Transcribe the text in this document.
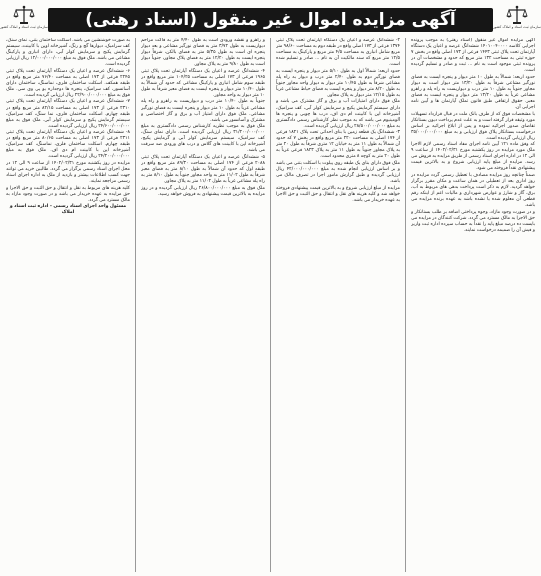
سازمان ثبت اسناد و املاک کشور
آگهی مزایده اموال غیر منقول (اسناد رهنی)
سازمان ثبت اسناد و املاک کشور

آگهی مزایده اموال غیر منقول (اسناد رهنی) به موجب پرونده اجرایی کلاسه ۱۴۰۱۰۰۴۰۰۰۰ ششدانگ عرصه و اعیان یک دستگاه آپارتمان تحت پلاک ثبتی ۱۴۴۳ فرعی از ۱۷۳ اصلی واقع در بخش ۷ حوزه ثبتی به مساحت ۱۳۲ متر مربع که حدود و مشخصات آن در پرونده ثبتی موجود است به نام ... ثبت و صادر و تسلیم گردیده است.

حدود اربعه: شمالاً به طول ۱۰ متر دیوار و پنجره ایست به فضای نورگیر مشاعی شرقاً به طول ۱۳/۲۰ متر دیوار است به دیوار مجاور جنوباً به طول ۱۰ متر درب و دیواریست به راه پله و راهرو مشاعی غرباً به طول ۱۳/۲۰ متر دیوار و پنجره ایست به فضای معبر. حقوق ارتفاقی طبق قانون تملک آپارتمان ها و آیین نامه اجرایی آن.

با مشخصات فوق که از طرف بانک ملت در قبال قرارداد تسهیلات مورد وثیقه قرار گرفته است و به علت عدم پرداخت دیون بستانکار تقاضای صدور اجرائیه نموده و پس از ابلاغ اجرائیه بر اساس درخواست بستانکار پلاک فوق ارزیابی و به مبلغ ۳۵/۰۰۰/۰۰۰/۰۰۰ ریال ارزیابی گردیده است.

که وفق ماده ۱۲۱ آیین نامه اجرای مفاد اسناد رسمی لازم الاجرا ملک مورد مزایده در روز یکشنبه مورخ ۱۴۰۲/۰۲/۳۱ از ساعت ۹ الی ۱۲ در اداره اجرای اسناد رسمی از طریق مزایده به فروش می رسد. مزایده از مبلغ پایه ارزیابی شروع و به بالاترین قیمت پیشنهادی نقداً فروخته می شود.

ضمناً چنانچه روز مزایده مصادف با تعطیل رسمی گردد مزایده در روز اداری بعد از تعطیلی در همان ساعت و مکان مقرر برگزار خواهد گردید. لازم به ذکر است پرداخت بدهی های مربوط به آب، برق، گاز و شارژ و عوارض شهرداری و مالیات اعم از اینکه رقم قطعی آن معلوم شده یا نشده باشد به عهده برنده مزایده می باشد.

و در صورت وجود مازاد، وجوه پرداختی اضافه بر طلب بستانکار و حق الاجرا به مالک مسترد می گردد. شرکت کنندگان در مزایده می بایست ده درصد مبلغ پایه را نقداً به حساب سپرده اداره ثبت واریز و فیش آن را ضمیمه درخواست نمایند.

۲- ششدانگ عرصه و اعیان یک دستگاه آپارتمان تحت پلاک ثبتی ۱۳۷۴ فرعی از ۱۷۳ اصلی واقع در طبقه دوم به مساحت ۹۸/۶۰ متر مربع شامل انباری به مساحت ۴/۵ متر مربع و پارکینگ به مساحت ۱۲/۵ متر مربع که سند مالکیت آن به نام ... صادر و تسلیم شده است.

حدود اربعه: شمالاً اول به طول ۵/۱۰ متر دیوار و پنجره ایست به فضای نورگیر دوم به طول ۲/۴۰ متر درب و دیوار به راه پله مشاعی شرقاً به طول ۱۰/۴۵ متر دیوار به دیوار واحد مجاور جنوباً به طول ۸/۲۰ متر دیوار و پنجره ایست به فضای حیاط مشاعی غرباً به طول ۱۲/۱۵ متر دیوار به پلاک مجاور.

ملک فوق دارای امتیازات آب و برق و گاز مشترک می باشد و دارای سیستم گرمایش پکیج و سرمایش کولر آبی، کف سرامیک، آشپزخانه اپن با کابینت ام دی اف، درب ها چوبی و پنجره ها آلومینیوم می باشد که به موجب نظر کارشناس رسمی دادگستری به مبلغ ۲۸/۵۰۰/۰۰۰/۰۰۰ ریال ارزیابی گردیده است.

۳- ششدانگ یک قطعه زمین با بنای احداثی تحت پلاک ۱۸۲۱ فرعی از ۱۷۴ اصلی به مساحت ۲۲۰ متر مربع واقع در بخش ۷ که حدود آن شمالاً به طول ۱۱ متر به خیابان ۱۲ متری شرقاً به طول ۲۰ متر به پلاک مجاور جنوباً به طول ۱۱ متر به پلاک ۱۸۲۳ فرعی غرباً به طول ۲۰ متر به کوچه ۸ متری محدود است.

ملک فوق دارای بنای یک طبقه روی پیلوت با اسکلت بتنی می باشد و بر اساس ارزیابی انجام شده به مبلغ ۴۲/۰۰۰/۰۰۰/۰۰۰ ریال ارزیابی گردیده و طبق گزارش مامور اجرا در تصرف مالک می باشد.

مزایده از مبلغ ارزیابی شروع و به بالاترین قیمت پیشنهادی فروخته خواهد شد و کلیه هزینه های نقل و انتقال و حق الثبت و حق الاجرا به عهده خریدار می باشد.

و راهرو و نقشه ورودی است به طول ۴/۴۰ متر به فاکت مزاحم دیواریست به طول ۳/۷۲ متر به فضای نورگیر مشاعی و بعد دیوار پنجره ای است به طول ۵/۳۵ متر به فضای بالکن، شرقاً دیوار پنجره ایست به طول ۱۲/۲۰ متر به فضای پلاک مجاور، جنوباً دیوار است به طول ۹/۸۰ متر به پلاک مجاور.

۴- ششدانگ عرصه و اعیان یک دستگاه آپارتمان تحت پلاک ثبتی ۱۹۶۵ فرعی از ۱۷۳ اصلی به مساحت ۱۰۴/۲۵ متر مربع واقع در طبقه سوم شامل انباری و پارکینگ مشاعی که حدود آن شمالاً به طول ۱۰/۴۰ متر دیوار و پنجره ایست به فضای معبر شرقاً به طول ۱۰ متر دیوار به واحد مجاور.

جنوباً به طول ۱۰/۴۰ متر درب و دیواریست به راهرو و راه پله مشاعی غرباً به طول ۱۰ متر دیوار و پنجره ایست به فضای نورگیر مشاعی. ملک فوق دارای امتیاز آب و برق و گاز اختصاصی و مشترک و آسانسور می باشد.

ملک فوق به موجب نظریه کارشناس رسمی دادگستری به مبلغ ۳۱/۲۰۰/۰۰۰/۰۰۰ ریال ارزیابی گردیده است. دارای نمای سنگ، کف سرامیک، سیستم سرمایش کولر آبی و گرمایش پکیج، آشپزخانه اپن با کابینت های گلاس و درب های ورودی ضد سرقت می باشد.

۵- ششدانگ عرصه و اعیان یک دستگاه آپارتمان تحت پلاک ثبتی ۲۰۸۸ فرعی از ۱۷۴ اصلی به مساحت ۸۹/۳۰ متر مربع واقع در طبقه اول که حدود آن شمالاً به طول ۸/۱۰ متر به فضای معبر شرقاً به طول ۱۱/۰۲ متر به واحد مجاور جنوباً به طول ۸/۱۰ متر به راه پله مشاعی غرباً به طول ۱۱/۰۲ متر به پلاک مجاور.

ملک فوق به مبلغ ۲۶/۸۰۰/۰۰۰/۰۰۰ ریال ارزیابی گردیده و در روز مزایده به بالاترین قیمت پیشنهادی به فروش خواهد رسید.

به صورت خوشنشین می باشد. اسکلت ساختمان بتنی، نمای سنگ، کف سرامیک، دیوارها گچ و رنگ، آشپزخانه اوپن با کابینت، سیستم گرمایش پکیج و سرمایش کولر آبی، دارای انباری و پارکینگ مشاعی می باشد. ملک فوق به مبلغ ۱۲/۰۰۰/۰۰۰/۰۰۰ ریال ارزیابی گردیده است.

۶- ششدانگ عرصه و اعیان یک دستگاه آپارتمان تحت پلاک ثبتی ۲۲۴۵ فرعی از ۱۷۳ اصلی به مساحت ۷۶/۴۰ متر مربع واقع در طبقه همکف. اسکلت ساختمان فلزی، نماسنگ، ساختمان دارای آسانسور، کف سرامیک، پنجره ها دوجداره یو پی وی سی. ملک فوق به مبلغ ۲۲/۹۰۰/۰۰۰/۰۰۰ ریال ارزیابی گردیده است.

۷- ششدانگ عرصه و اعیان یک دستگاه آپارتمان تحت پلاک ثبتی ۲۳۱۰ فرعی از ۱۷۳ اصلی به مساحت ۸۲/۱۵ متر مربع واقع در طبقه چهارم. اسکلت ساختمان فلزی، نما سنگ، کف سرامیک، سیستم گرمایش پکیج و سرمایش کولر آبی. ملک فوق به مبلغ ۲۴/۶۰۰/۰۰۰/۰۰۰ ریال ارزیابی گردیده است.

۸- ششدانگ عرصه و اعیان یک دستگاه آپارتمان تحت پلاک ثبتی ۲۳۱۱ فرعی از ۱۷۳ اصلی به مساحت ۸۰/۶۵ متر مربع واقع در طبقه چهارم. اسکلت ساختمان فلزی، نماسنگ، کف سرامیک، آشپزخانه اپن با کابینت ام دی اف. ملک فوق به مبلغ ۲۴/۲۰۰/۰۰۰/۰۰۰ ریال ارزیابی گردیده است.

مزایده در روز یکشنبه مورخ ۱۴۰۲/۰۲/۳۱ از ساعت ۹ الی ۱۲ در محل اجرای اسناد رسمی برگزار می گردد. طالبین خرید می توانند جهت کسب اطلاعات بیشتر و بازدید از ملک به اداره اجرای اسناد رسمی مراجعه نمایند.

کلیه هزینه های مربوط به نقل و انتقال و حق الثبت و حق الاجرا و حق مزایده به عهده خریدار می باشد و در صورت وجود مازاد به مالک مسترد می گردد.

مسئول واحد اجرای اسناد رسمی – اداره ثبت اسناد و املاک
